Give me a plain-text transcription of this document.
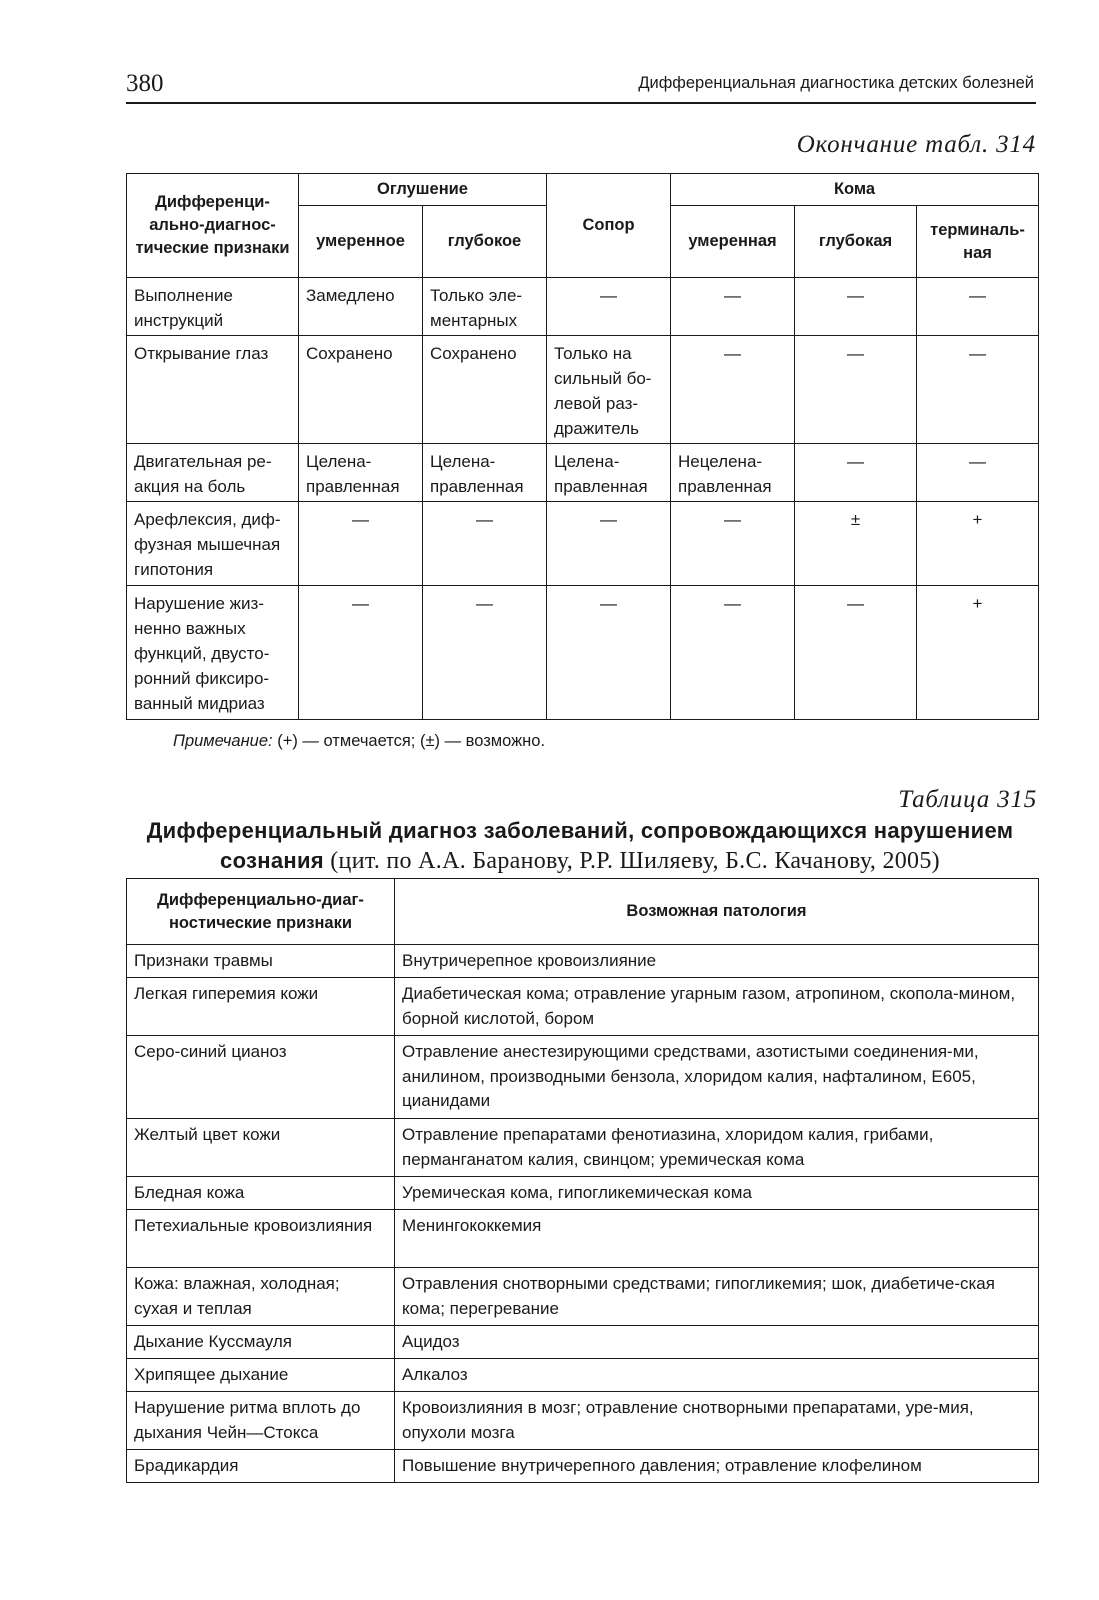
380	Дифференциальная диагностика детских болезней
Окончание табл. 314
Дифференци-ально-диагнос-тические признаки	Оглушение		Сопор	Кома		
	умеренное	глубокое		умеренная	глубокая	терминаль-ная
Выполнение инструкций	Замедлено	Только эле-ментарных	—	—	—	—
Открывание глаз	Сохранено	Сохранено	Только на сильный бо-левой раз-дражитель	—	—	—
Двигательная ре-акция на боль	Целена-правленная	Целена-правленная	Целена-правленная	Нецелена-правленная	—	—
Арефлексия, диф-фузная мышечная гипотония	—	—	—	—	±	+
Нарушение жиз-ненно важных функций, двусто-ронний фиксиро-ванный мидриаз	—	—	—	—	—	+
Примечание: (+) — отмечается; (±) — возможно.
Таблица 315
Дифференциальный диагноз заболеваний, сопровождающихся нарушением сознания (цит. по А.А. Баранову, Р.Р. Шиляеву, Б.С. Качанову, 2005)
Дифференциально-диаг-ностические признаки	Возможная патология
Признаки травмы	Внутричерепное кровоизлияние
Легкая гиперемия кожи	Диабетическая кома; отравление угарным газом, атропином, скопола-мином, борной кислотой, бором
Серо-синий цианоз	Отравление анестезирующими средствами, азотистыми соединения-ми, анилином, производными бензола, хлоридом калия, нафталином, Е605, цианидами
Желтый цвет кожи	Отравление препаратами фенотиазина, хлоридом калия, грибами, перманганатом калия, свинцом; уремическая кома
Бледная кожа	Уремическая кома, гипогликемическая кома
Петехиальные кровоизлияния	Менингококкемия
Кожа: влажная, холодная; сухая и теплая	Отравления снотворными средствами; гипогликемия; шок, диабетиче-ская кома; перегревание
Дыхание Куссмауля	Ацидоз
Хрипящее дыхание	Алкалоз
Нарушение ритма вплоть до дыхания Чейн—Стокса	Кровоизлияния в мозг; отравление снотворными препаратами, уре-мия, опухоли мозга
Брадикардия	Повышение внутричерепного давления; отравление клофелином
